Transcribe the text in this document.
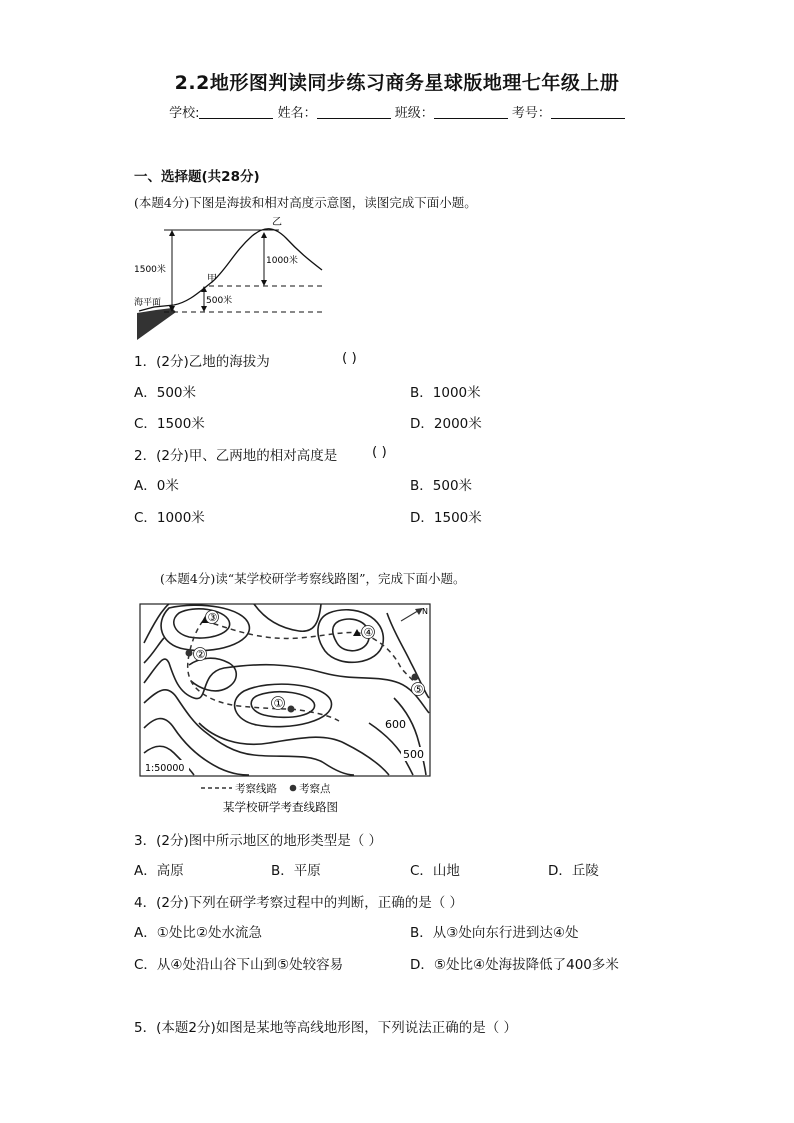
2.2地形图判读同步练习商务星球版地理七年级上册
学校:	姓名：	班级：	考号：
一、选择题(共28分)
(本题4分)下图是海拔和相对高度示意图，读图完成下面小题。
乙
甲
1500米
1000米
500米
海平面
1．(2分)乙地的海拔为	( )
A．500米	B．1000米
C．1500米	D．2000米
2．(2分)甲、乙两地的相对高度是	( )
A．0米	B．500米
C．1000米	D．1500米
(本题4分)读“某学校研学考察线路图”，完成下面小题。
③
②
④
①
⑤
N
600
500
1:50000
考察线路 考察点
某学校研学考查线路图
3．(2分)图中所示地区的地形类型是（ ）
A．高原	B．平原	C．山地	D．丘陵
4．(2分)下列在研学考察过程中的判断，正确的是（ ）
A．①处比②处水流急	B．从③处向东行进到达④处
C．从④处沿山谷下山到⑤处较容易	D．⑤处比④处海拔降低了400多米
5．(本题2分)如图是某地等高线地形图，下列说法正确的是（ ）
